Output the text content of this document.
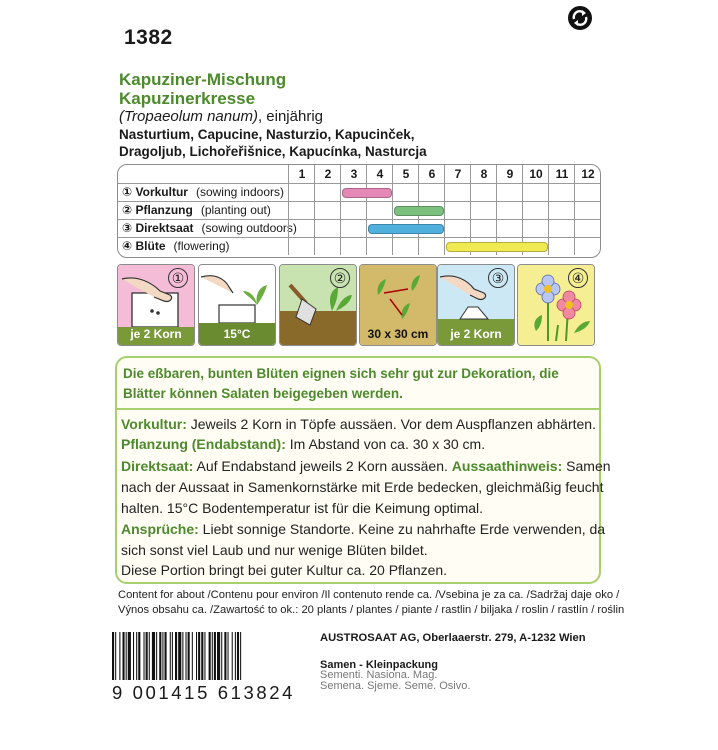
1382
Kapuziner-Mischung
Kapuzinerkresse
(Tropaeolum nanum), einjährig
Nasturtium, Capucine, Nasturzio, Kapucinček,
Dragoljub, Lichořeřišnice, Kapucínka, Nasturcja
1	2	3	4	5	6	7	8	9	10	11	12
① Vorkultur (sowing indoors)
② Pflanzung (planting out)
③ Direktsaat (sowing outdoors)
④ Blüte (flowering)
①
je 2 Korn	15°C
②
30 x 30 cm
③
je 2 Korn
④
Die eßbaren, bunten Blüten eignen sich sehr gut zur Dekoration, die
Blätter können Salaten beigegeben werden.
Vorkultur: Jeweils 2 Korn in Töpfe aussäen. Vor dem Auspflanzen abhärten.
Pflanzung (Endabstand): Im Abstand von ca. 30 x 30 cm.
Direktsaat: Auf Endabstand jeweils 2 Korn aussäen. Aussaathinweis: Samen
nach der Aussaat in Samenkornstärke mit Erde bedecken, gleichmäßig feucht
halten. 15°C Bodentemperatur ist für die Keimung optimal.
Ansprüche: Liebt sonnige Standorte. Keine zu nahrhafte Erde verwenden, da
sich sonst viel Laub und nur wenige Blüten bildet.
Diese Portion bringt bei guter Kultur ca. 20 Pflanzen.
Content for about /Contenu pour environ /Il contenuto rende ca. /Vsebina je za ca. /Sadržaj daje oko /
Výnos obsahu ca. /Zawartość to ok.: 20 plants / plantes / piante / rastlin / biljaka / roslin / rastlín / roślin
9 001415 613824
AUSTROSAAT AG, Oberlaaerstr. 279, A-1232 Wien
Samen - Kleinpackung
Sementi. Nasiona. Mag.
Semena. Sjeme. Seme. Osivo.
